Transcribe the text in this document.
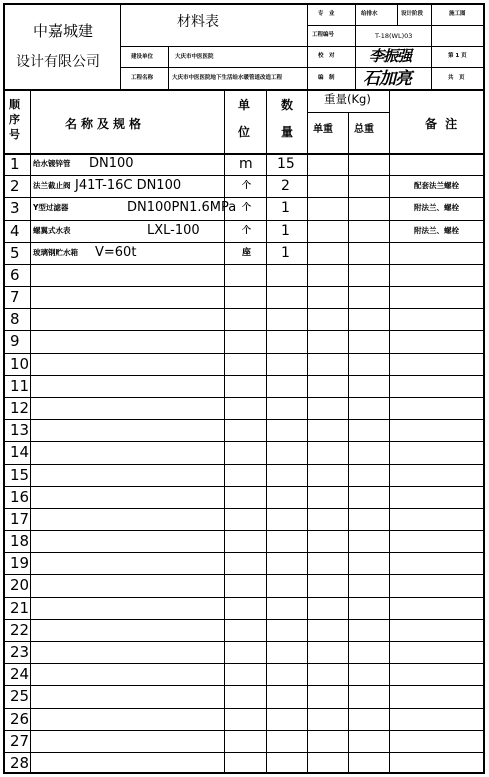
中嘉城建
设计有限公司
材料表
建设单位	大庆市中医医院
工程名称	大庆市中医医院地下生活给水暖管道改造工程
专　业	给排水	设计阶段	施工图
工程编号	T-18(WL)03
校　对	第 1 页
编　制	共　页
李振强
石加亮
顺
序
号
名称及规格
单
位
数
量
重量(Kg)
单重 总重	备 注
1 给水镀锌管 DN100	m 15
2 法兰截止阀 J41T-16C DN100	个 2	配套法兰螺栓
3 Y型过滤器	DN100PN1.6MPa 个 1	附法兰、螺栓
4 螺翼式水表	LXL-100	个 1	附法兰、螺栓
5 玻璃钢贮水箱 V=60t	座 1
6
7
8
9
10
11
12
13
14
15
16
17
18
19
20
21
22
23
24
25
26
27
28
